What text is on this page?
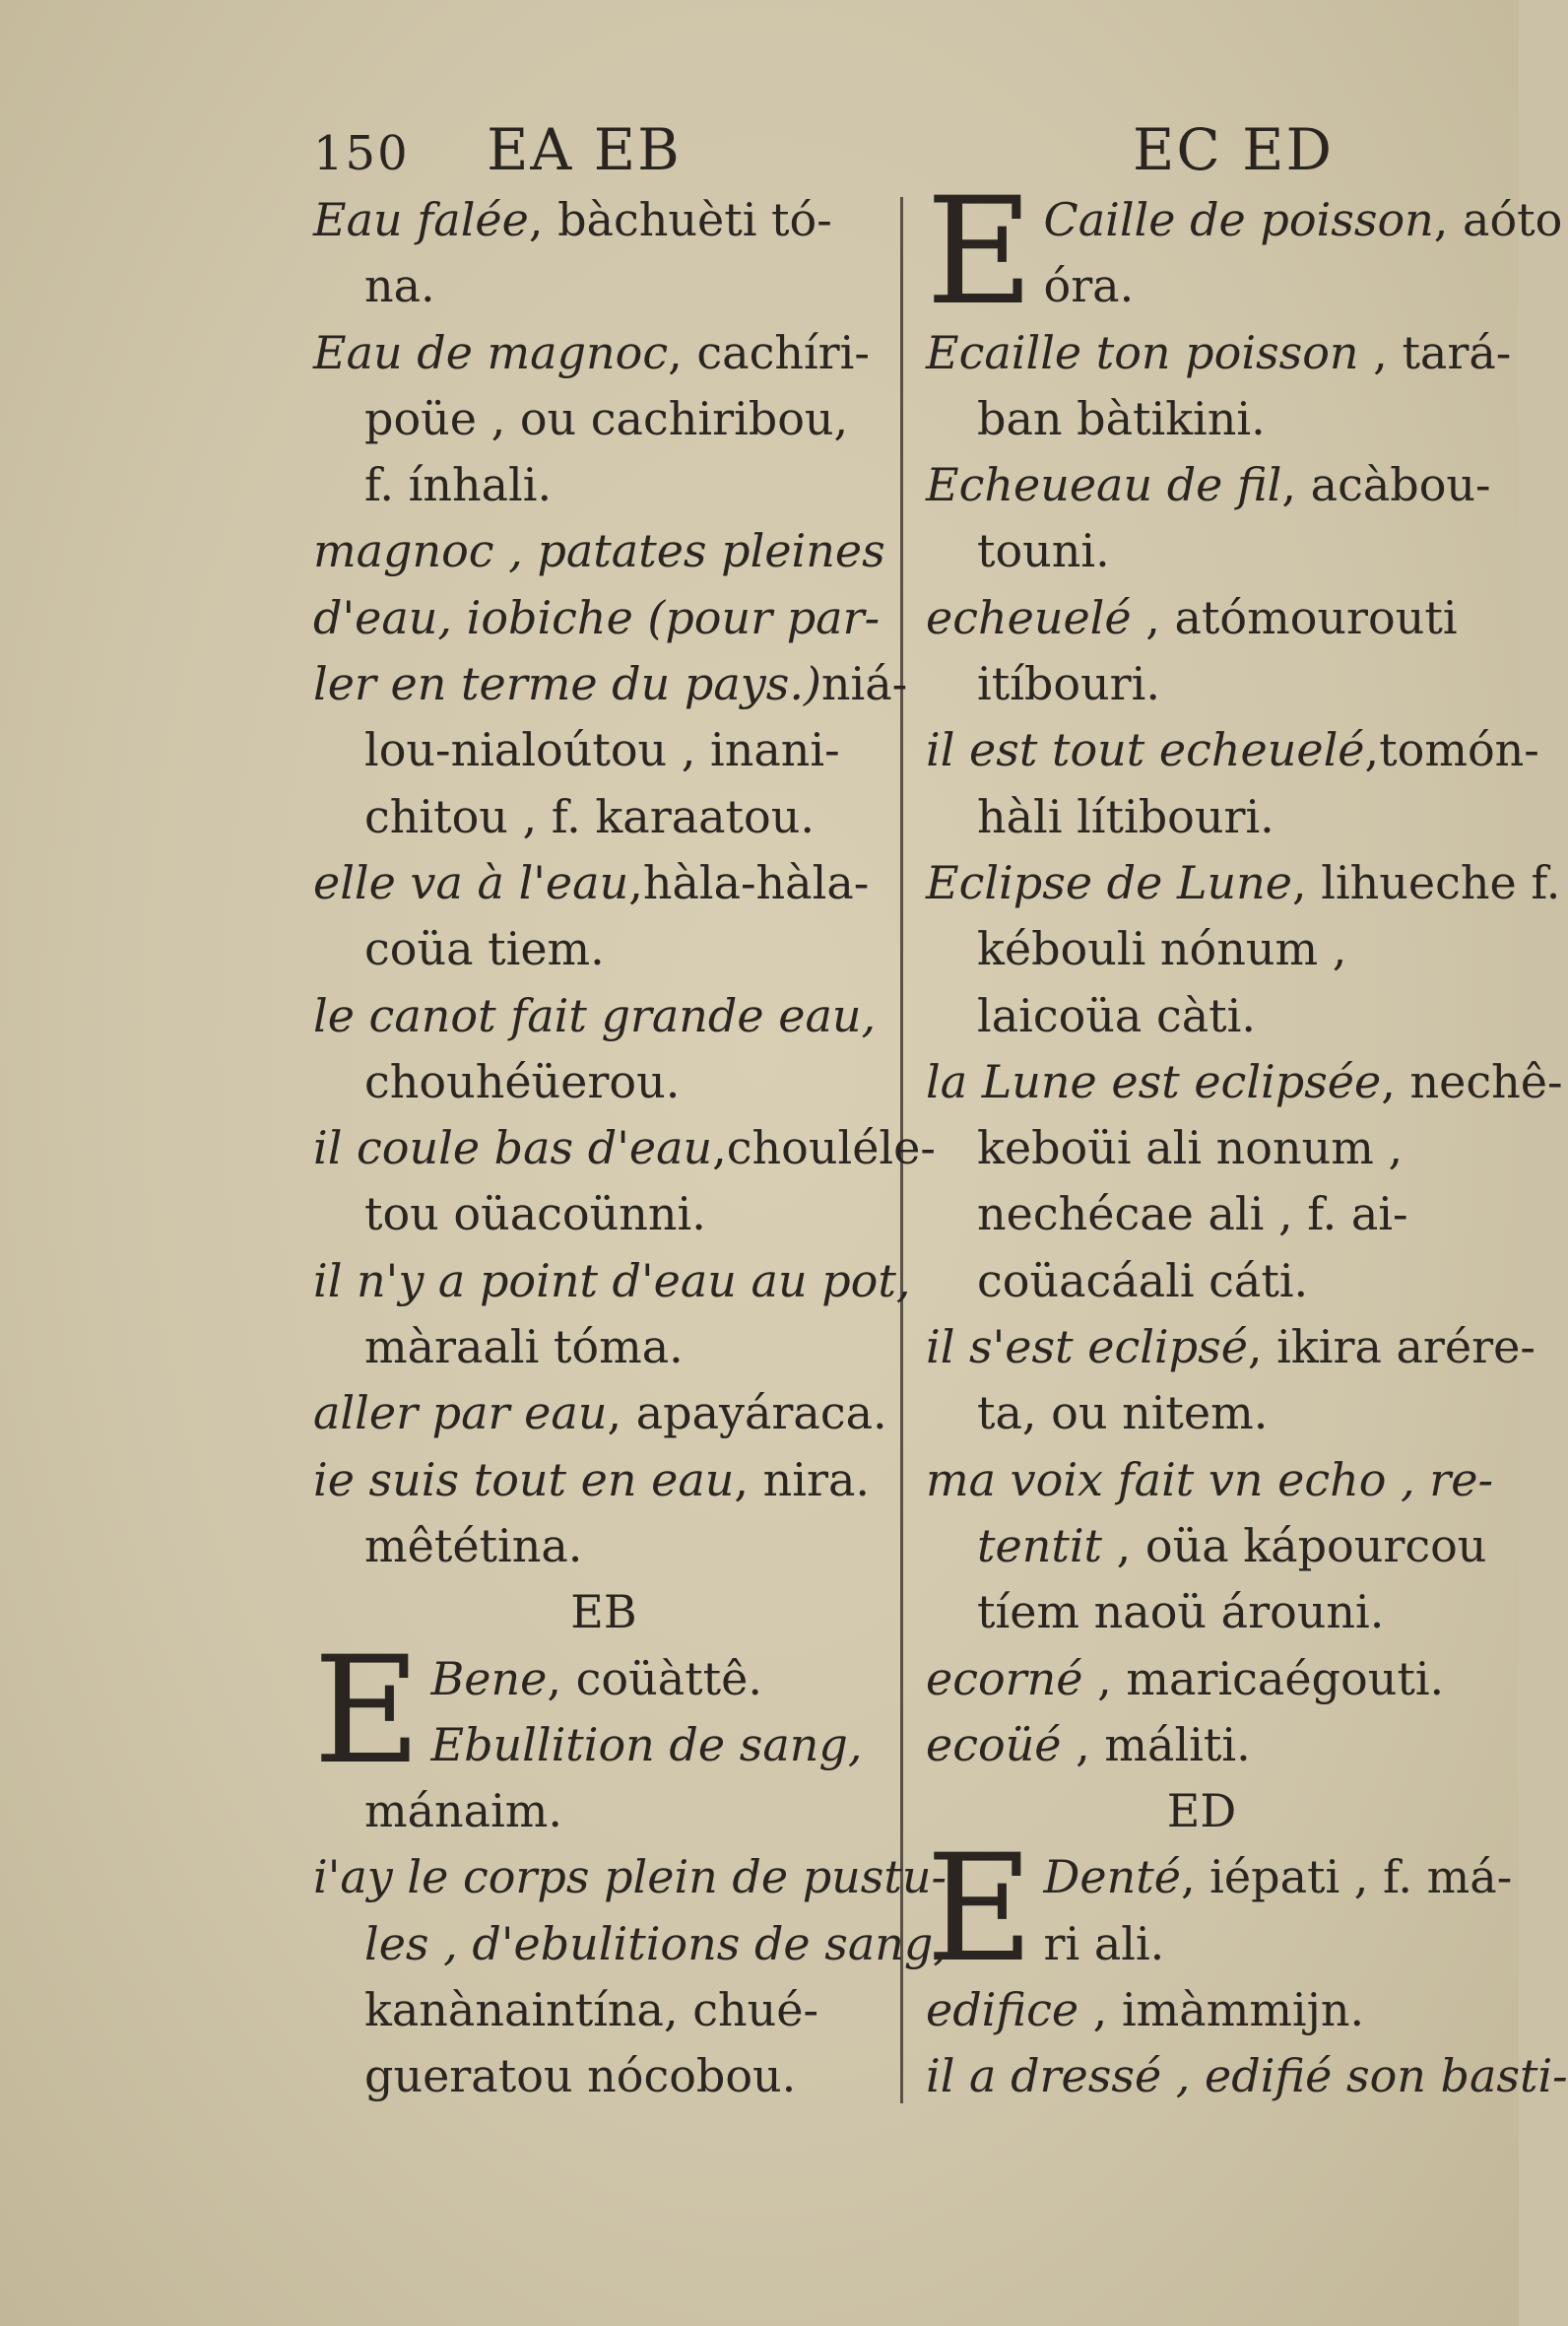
150 EA EB	EC ED
Eau falée, bàchuèti tó-
na.
Eau de magnoc, cachíri-
poüe , ou cachiribou,
f. ínhali.
magnoc , patates pleines
d'eau, iobiche (pour par-
ler en terme du pays.)niá-
lou-nialoútou , inani-
chitou , f. karaatou.
elle va à l'eau,hàla-hàla-
coüa tiem.
le canot fait grande eau,
chouhéüerou.
il coule bas d'eau,chouléle-
tou oüacoünni.
il n'y a point d'eau au pot,
màraali tóma.
aller par eau, apayáraca.
ie suis tout en eau, nira.
mêtétina.
EB
E Bene, coüàttê.
Ebullition de sang,
mánaim.
i'ay le corps plein de pustu-
les , d'ebulitions de sang,
kanànaintína, chué-
gueratou nócobou.
E Caille de poisson, aóto
óra.
Ecaille ton poisson , tará-
ban bàtikini.
Echeueau de fil, acàbou-
touni.
echeuelé , atómourouti
itíbouri.
il est tout echeuelé,tomón-
hàli lítibouri.
Eclipse de Lune, lihueche f.
kébouli nónum ,
laicoüa càti.
la Lune est eclipsée, nechê-
keboüi ali nonum ,
nechécae ali , f. ai-
coüacáali cáti.
il s'est eclipsé, ikira arére-
ta, ou nitem.
ma voix fait vn echo , re-
tentit , oüa kápourcou
tíem naoü árouni.
ecorné , maricaégouti.
ecoüé , máliti.
ED
E Denté, iépati , f. má-
ri ali.
edifice , imàmmijn.
il a dressé , edifié son basti-
